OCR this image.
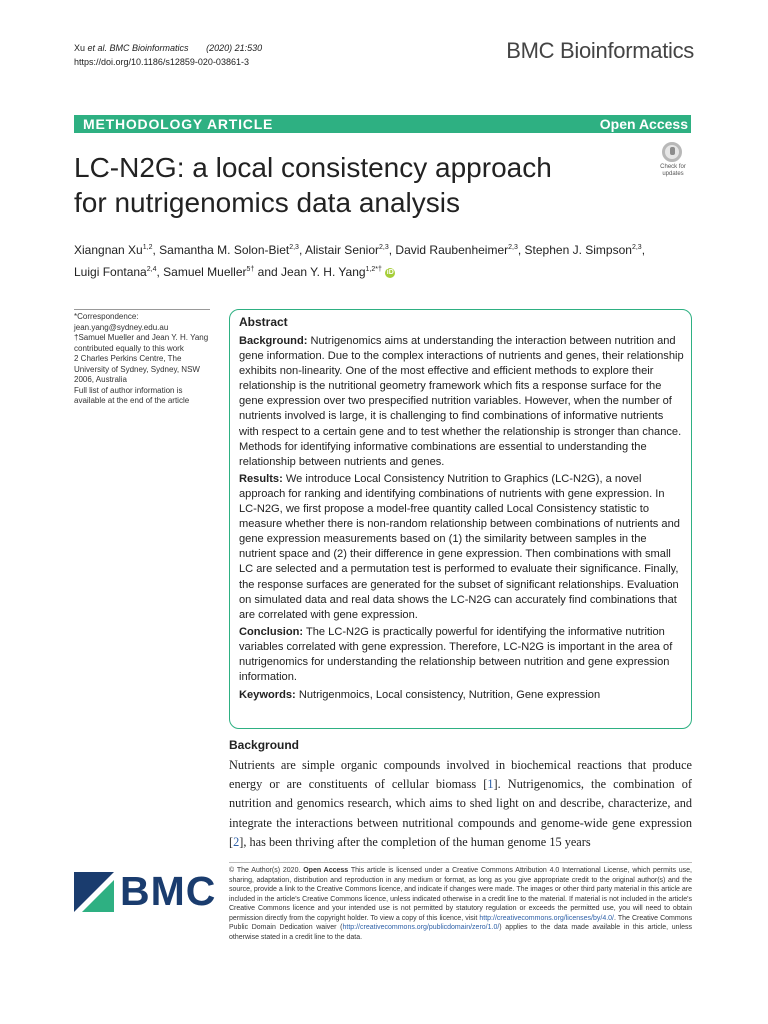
Xu et al. BMC Bioinformatics (2020) 21:530
https://doi.org/10.1186/s12859-020-03861-3	BMC Bioinformatics
METHODOLOGY ARTICLE	Open Access
LC-N2G: a local consistency approach
for nutrigenomics data analysis
Check for
updates
Xiangnan Xu$^{1,2}$, Samantha M. Solon-Biet$^{2,3}$, Alistair Senior$^{2,3}$, David Raubenheimer$^{2,3}$, Stephen J. Simpson$^{2,3}$,
Luigi Fontana$^{2,4}$, Samuel Mueller$^{5\dagger}$ and Jean Y. H. Yang$^{1,2*\dagger}$ iD
*Correspondence:
jean.yang@sydney.edu.au
†Samuel Mueller and Jean Y. H. Yang contributed equally to this work
2 Charles Perkins Centre, The University of Sydney, Sydney, NSW 2006, Australia
Full list of author information is available at the end of the article
Abstract

Background: Nutrigenomics aims at understanding the interaction between nutrition and gene information. Due to the complex interactions of nutrients and genes, their relationship exhibits non-linearity. One of the most effective and efficient methods to explore their relationship is the nutritional geometry framework which fits a response surface for the gene expression over two prespecified nutrition variables. However, when the number of nutrients involved is large, it is challenging to find combinations of informative nutrients with respect to a certain gene and to test whether the relationship is stronger than chance. Methods for identifying informative combinations are essential to understanding the relationship between nutrients and genes.

Results: We introduce Local Consistency Nutrition to Graphics (LC-N2G), a novel approach for ranking and identifying combinations of nutrients with gene expression. In LC-N2G, we first propose a model-free quantity called Local Consistency statistic to measure whether there is non-random relationship between combinations of nutrients and gene expression measurements based on (1) the similarity between samples in the nutrient space and (2) their difference in gene expression. Then combinations with small LC are selected and a permutation test is performed to evaluate their significance. Finally, the response surfaces are generated for the subset of significant relationships. Evaluation on simulated data and real data shows the LC-N2G can accurately find combinations that are correlated with gene expression.

Conclusion: The LC-N2G is practically powerful for identifying the informative nutrition variables correlated with gene expression. Therefore, LC-N2G is important in the area of nutrigenomics for understanding the relationship between nutrition and gene expression information.

Keywords: Nutrigenmoics, Local consistency, Nutrition, Gene expression

Background
Nutrients are simple organic compounds involved in biochemical reactions that produce energy or are constituents of cellular biomass [1]. Nutrigenomics, the combination of nutrition and genomics research, which aims to shed light on and describe, characterize, and integrate the interactions between nutritional compounds and genome-wide gene expression [2], has been thriving after the completion of the human genome 15 years
BMC © The Author(s) 2020. Open Access This article is licensed under a Creative Commons Attribution 4.0 International License, which permits use, sharing, adaptation, distribution and reproduction in any medium or format, as long as you give appropriate credit to the original author(s) and the source, provide a link to the Creative Commons licence, and indicate if changes were made. The images or other third party material in this article are included in the article's Creative Commons licence, unless indicated otherwise in a credit line to the material. If material is not included in the article's Creative Commons licence and your intended use is not permitted by statutory regulation or exceeds the permitted use, you will need to obtain permission directly from the copyright holder. To view a copy of this licence, visit http://creativecommons.org/licenses/by/4.0/. The Creative Commons Public Domain Dedication waiver (http://creativecommons.org/publicdomain/zero/1.0/) applies to the data made available in this article, unless otherwise stated in a credit line to the data.
